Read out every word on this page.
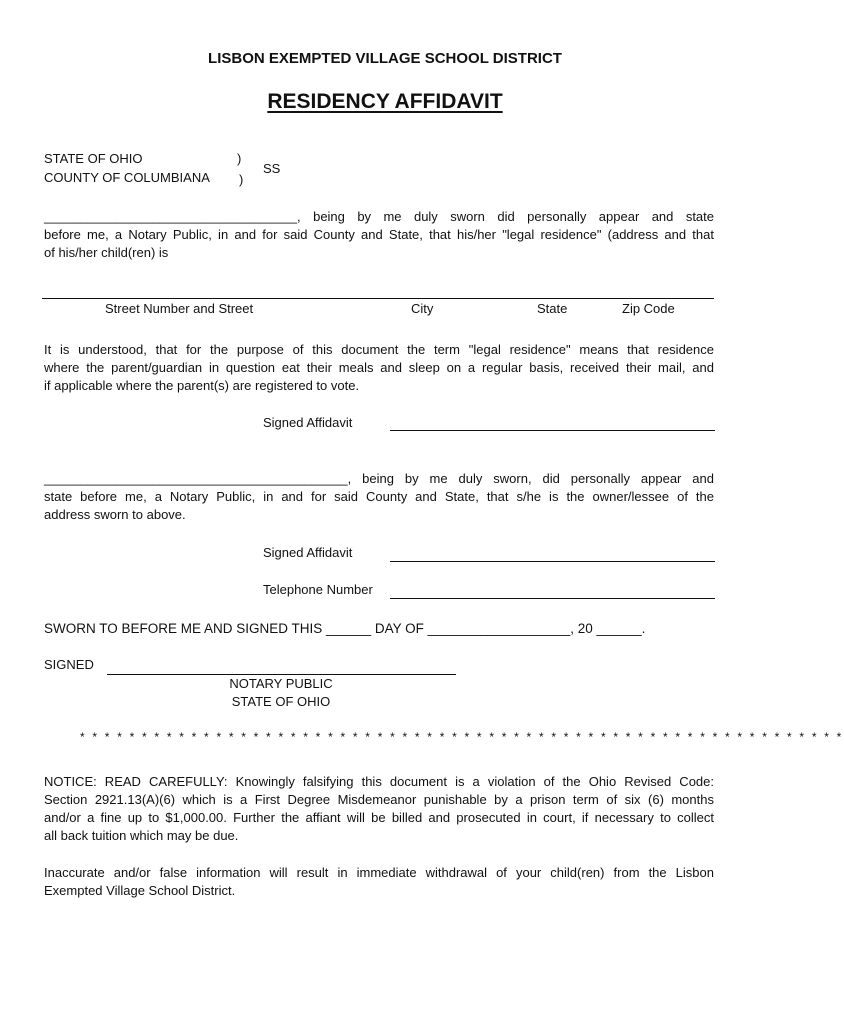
LISBON EXEMPTED VILLAGE SCHOOL DISTRICT
RESIDENCY AFFIDAVIT
STATE OF OHIO
COUNTY OF COLUMBIANA
)
)
SS
___________________________________, being by me duly sworn did personally appear and state
before me, a Notary Public, in and for said County and State, that his/her "legal residence" (address and that
of his/her child(ren) is
Street Number and Street	City	State	Zip Code
It is understood, that for the purpose of this document the term "legal residence" means that residence
where the parent/guardian in question eat their meals and sleep on a regular basis, received their mail, and
if applicable where the parent(s) are registered to vote.
Signed Affidavit
__________________________________________, being by me duly sworn, did personally appear and
state before me, a Notary Public, in and for said County and State, that s/he is the owner/lessee of the
address sworn to above.
Signed Affidavit
Telephone Number
SWORN TO BEFORE ME AND SIGNED THIS ______ DAY OF ___________________, 20 ______.
SIGNED
NOTARY PUBLIC
STATE OF OHIO
* * * * * * * * * * * * * * * * * * * * * * * * * * * * * * * * * * * * * * * * * * * * * * * * * * * * * * * * * * * * * *
NOTICE: READ CAREFULLY: Knowingly falsifying this document is a violation of the Ohio Revised Code:
Section 2921.13(A)(6) which is a First Degree Misdemeanor punishable by a prison term of six (6) months
and/or a fine up to $1,000.00. Further the affiant will be billed and prosecuted in court, if necessary to collect
all back tuition which may be due.
Inaccurate and/or false information will result in immediate withdrawal of your child(ren) from the Lisbon
Exempted Village School District.
